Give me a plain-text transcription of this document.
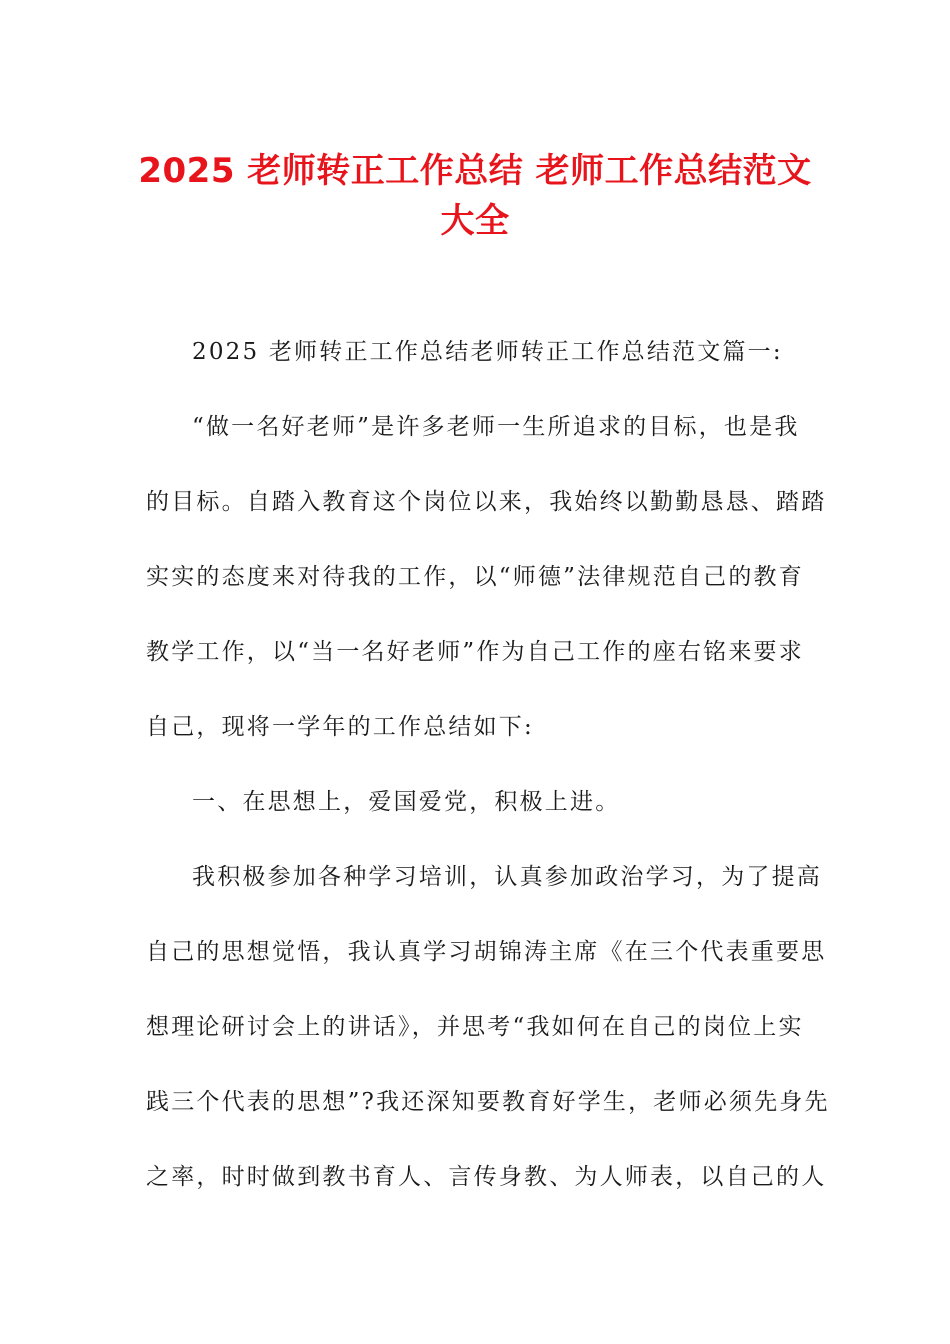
2025 老师转正工作总结 老师工作总结范文
大全
2025 老师转正工作总结老师转正工作总结范文篇一:
“做一名好老师”是许多老师一生所追求的目标，也是我
的目标。自踏入教育这个岗位以来，我始终以勤勤恳恳、踏踏
实实的态度来对待我的工作，以“师德”法律规范自己的教育
教学工作，以“当一名好老师”作为自己工作的座右铭来要求
自己，现将一学年的工作总结如下:
一、在思想上，爱国爱党，积极上进。
我积极参加各种学习培训，认真参加政治学习，为了提高
自己的思想觉悟，我认真学习胡锦涛主席《在三个代表重要思
想理论研讨会上的讲话》，并思考“我如何在自己的岗位上实
践三个代表的思想”?我还深知要教育好学生，老师必须先身先
之率，时时做到教书育人、言传身教、为人师表，以自己的人
